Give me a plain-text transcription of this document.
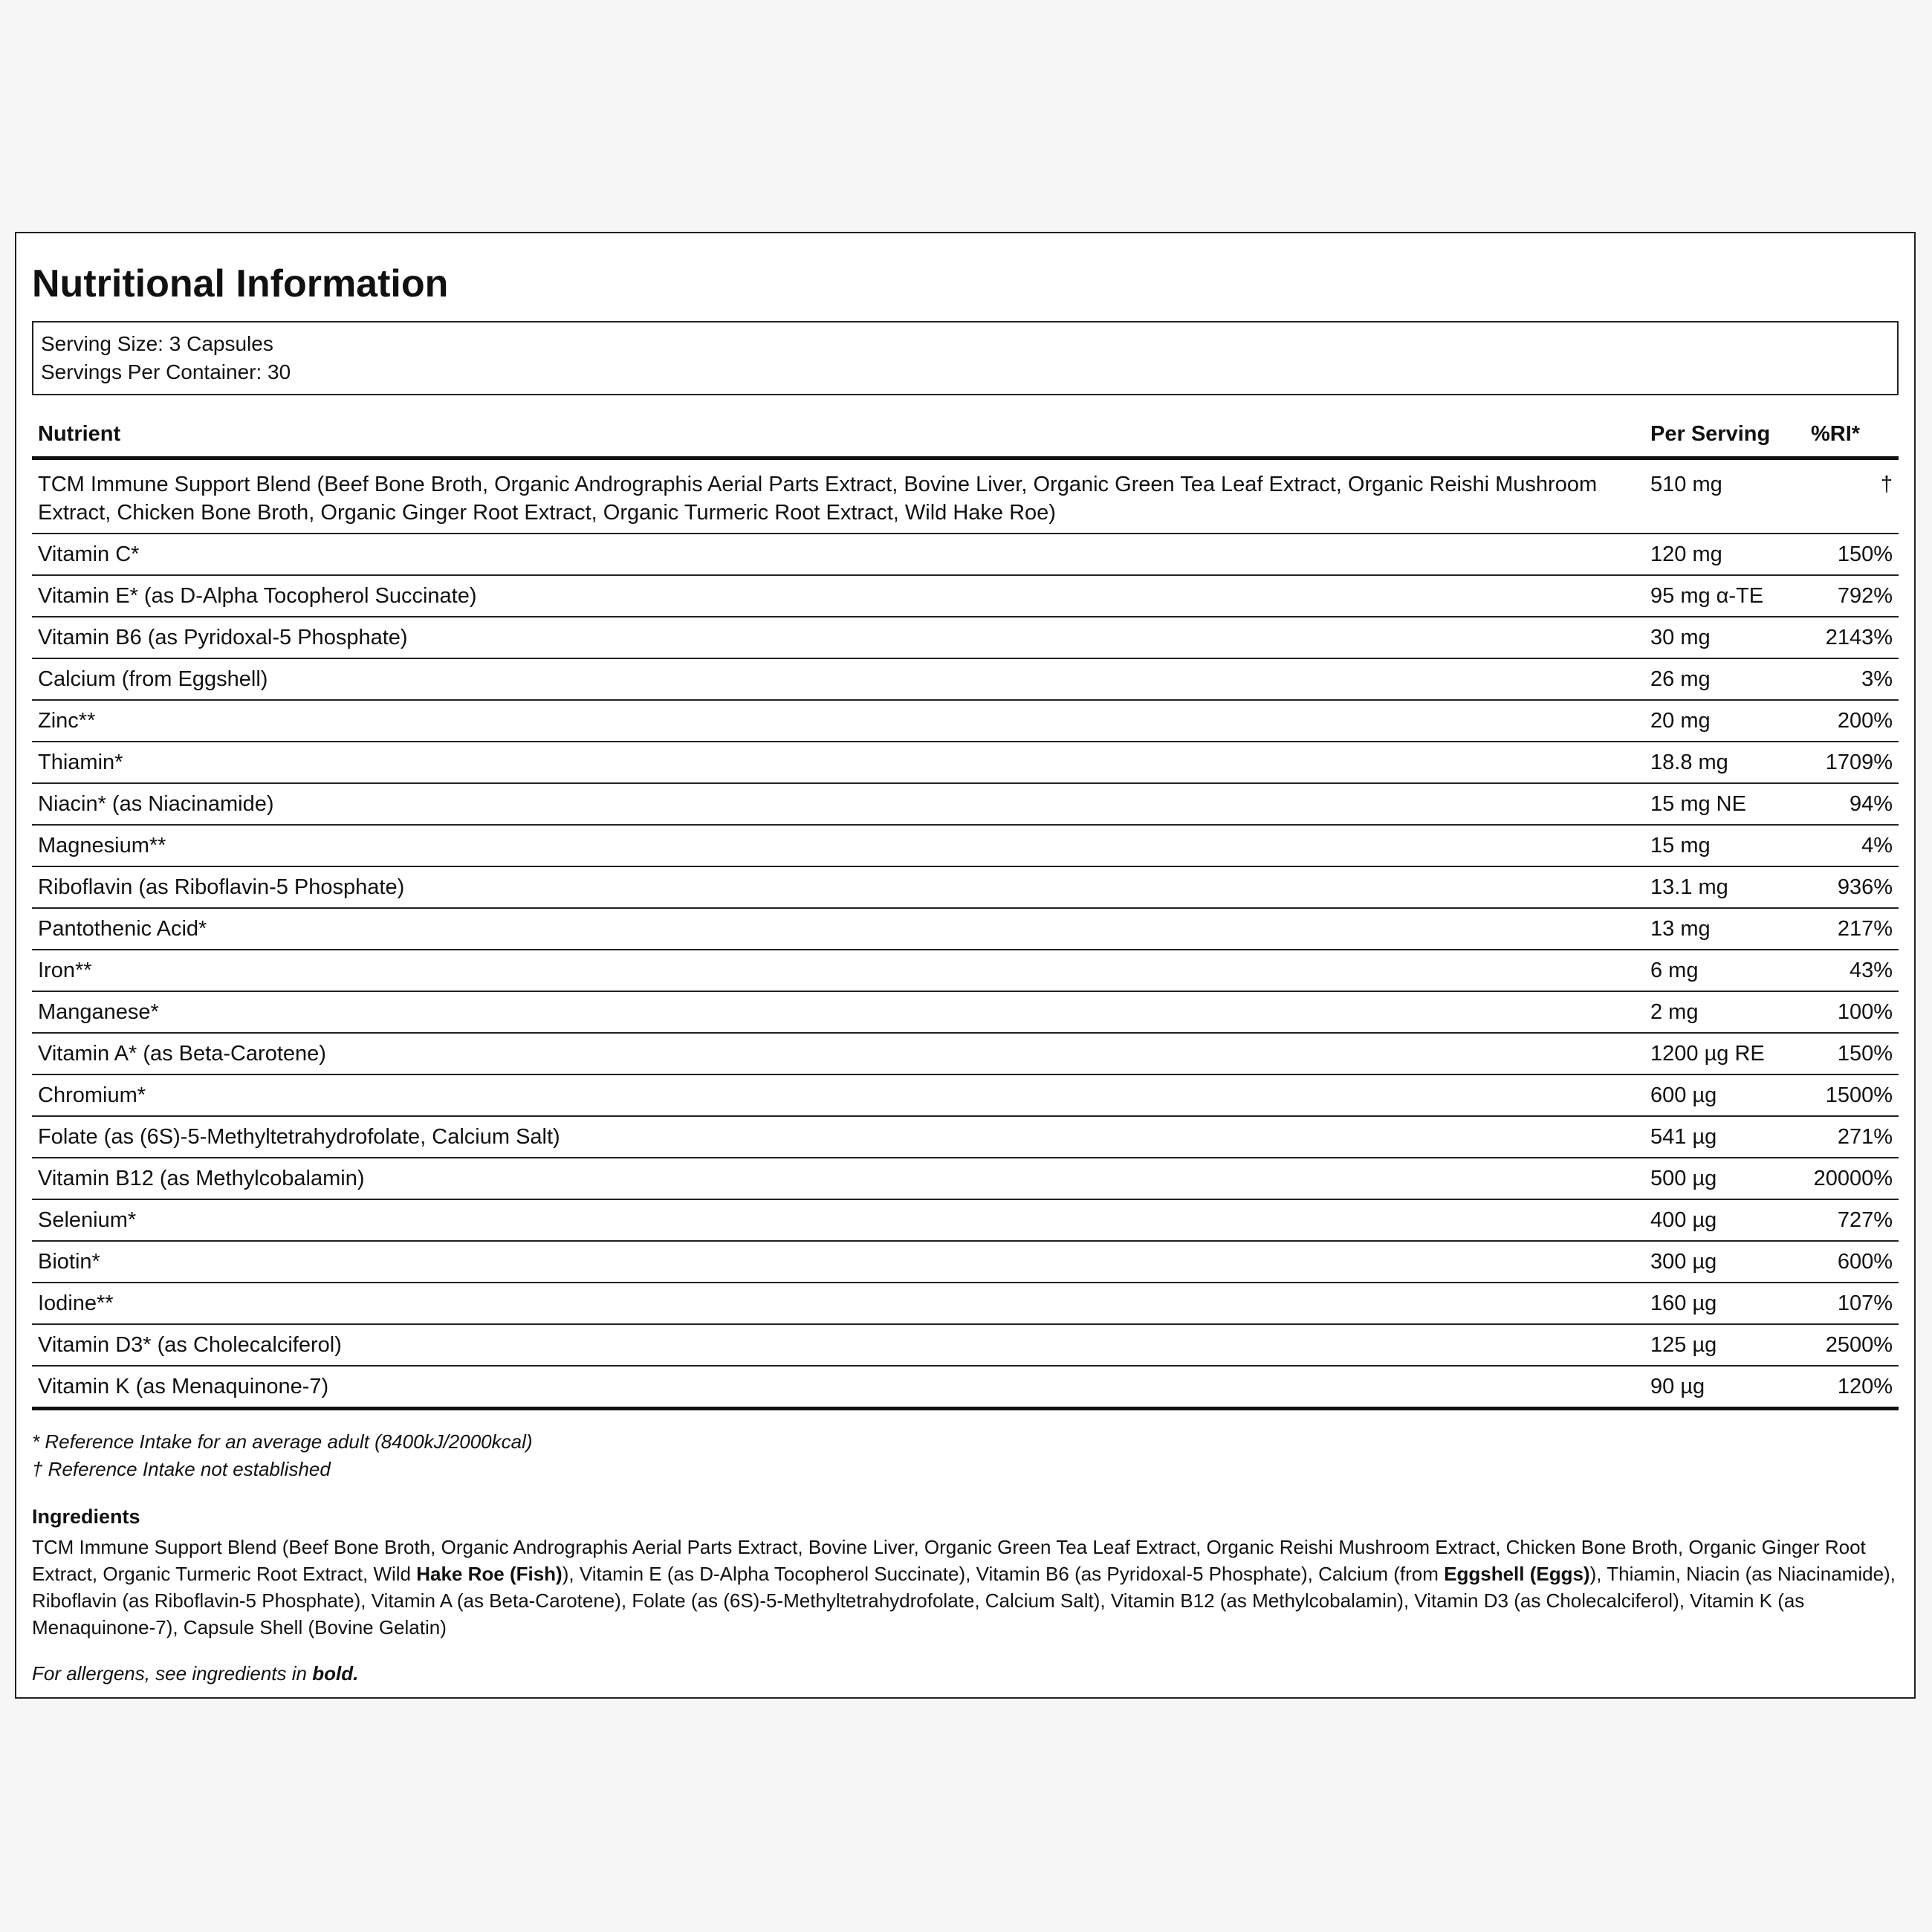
Nutritional Information
Serving Size: 3 Capsules
Servings Per Container: 30
Nutrient	Per Serving	%RI*
TCM Immune Support Blend (Beef Bone Broth, Organic Andrographis Aerial Parts Extract, Bovine Liver, Organic Green Tea Leaf Extract, Organic Reishi Mushroom Extract, Chicken Bone Broth, Organic Ginger Root Extract, Organic Turmeric Root Extract, Wild Hake Roe)	510 mg	†
Vitamin C*	120 mg	150%
Vitamin E* (as D-Alpha Tocopherol Succinate)	95 mg α-TE	792%
Vitamin B6 (as Pyridoxal-5 Phosphate)	30 mg	2143%
Calcium (from Eggshell)	26 mg	3%
Zinc**	20 mg	200%
Thiamin*	18.8 mg	1709%
Niacin* (as Niacinamide)	15 mg NE	94%
Magnesium**	15 mg	4%
Riboflavin (as Riboflavin-5 Phosphate)	13.1 mg	936%
Pantothenic Acid*	13 mg	217%
Iron**	6 mg	43%
Manganese*	2 mg	100%
Vitamin A* (as Beta-Carotene)	1200 µg RE	150%
Chromium*	600 µg	1500%
Folate (as (6S)-5-Methyltetrahydrofolate, Calcium Salt)	541 µg	271%
Vitamin B12 (as Methylcobalamin)	500 µg	20000%
Selenium*	400 µg	727%
Biotin*	300 µg	600%
Iodine**	160 µg	107%
Vitamin D3* (as Cholecalciferol)	125 µg	2500%
Vitamin K (as Menaquinone-7)	90 µg	120%
* Reference Intake for an average adult (8400kJ/2000kcal)
† Reference Intake not established
Ingredients
TCM Immune Support Blend (Beef Bone Broth, Organic Andrographis Aerial Parts Extract, Bovine Liver, Organic Green Tea Leaf Extract, Organic Reishi Mushroom Extract, Chicken Bone Broth, Organic Ginger Root Extract, Organic Turmeric Root Extract, Wild Hake Roe (Fish)), Vitamin E (as D-Alpha Tocopherol Succinate), Vitamin B6 (as Pyridoxal-5 Phosphate), Calcium (from Eggshell (Eggs)), Thiamin, Niacin (as Niacinamide), Riboflavin (as Riboflavin-5 Phosphate), Vitamin A (as Beta-Carotene), Folate (as (6S)-5-Methyltetrahydrofolate, Calcium Salt), Vitamin B12 (as Methylcobalamin), Vitamin D3 (as Cholecalciferol), Vitamin K (as Menaquinone-7), Capsule Shell (Bovine Gelatin)
For allergens, see ingredients in bold.
